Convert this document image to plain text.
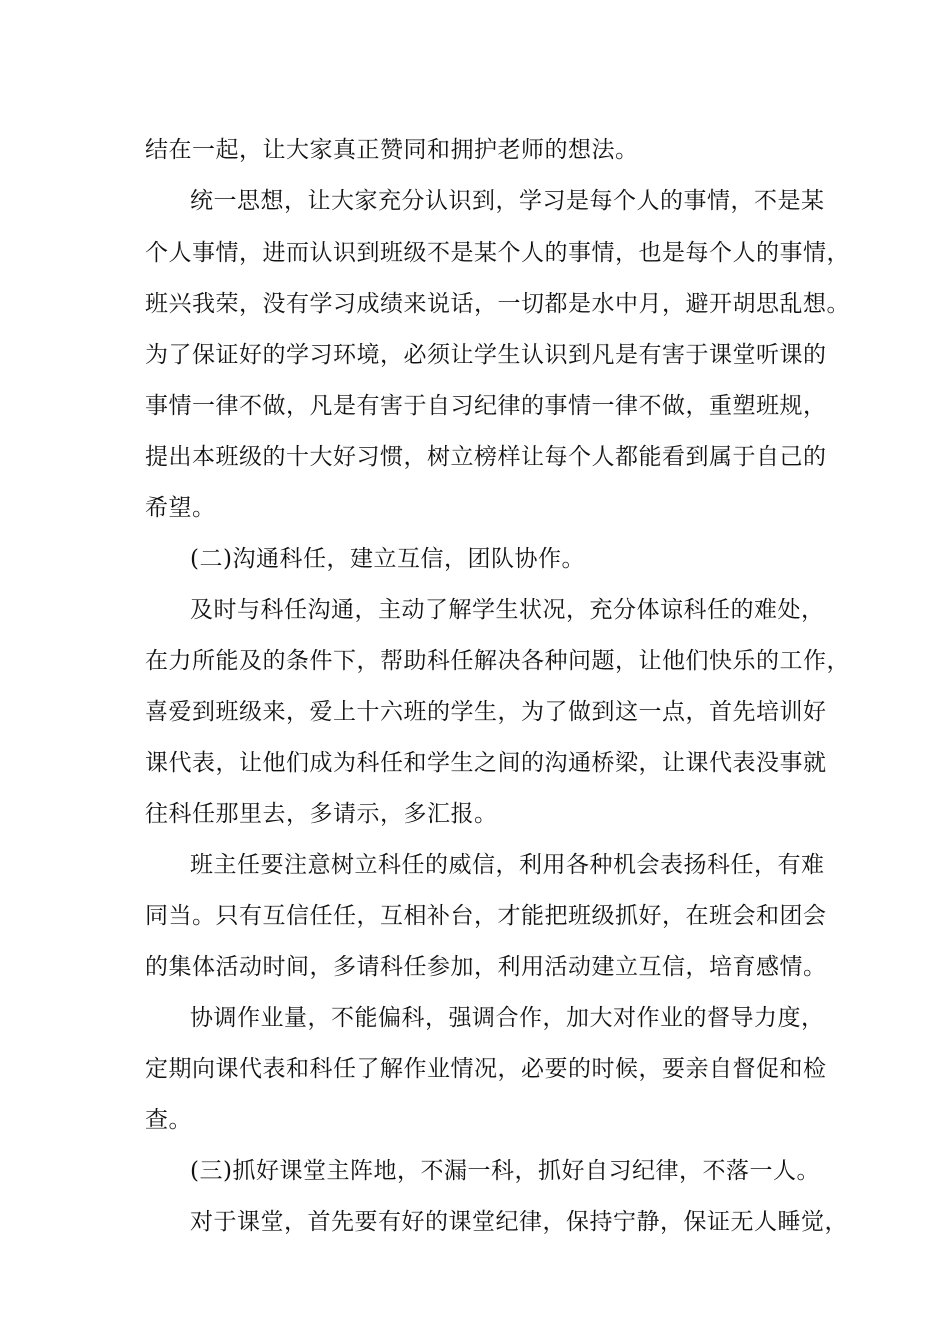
结在一起，让大家真正赞同和拥护老师的想法。
统一思想，让大家充分认识到，学习是每个人的事情，不是某
个人事情，进而认识到班级不是某个人的事情，也是每个人的事情，
班兴我荣，没有学习成绩来说话，一切都是水中月，避开胡思乱想。
为了保证好的学习环境，必须让学生认识到凡是有害于课堂听课的
事情一律不做，凡是有害于自习纪律的事情一律不做，重塑班规，
提出本班级的十大好习惯，树立榜样让每个人都能看到属于自己的
希望。
(二)沟通科任，建立互信，团队协作。
及时与科任沟通，主动了解学生状况，充分体谅科任的难处，
在力所能及的条件下，帮助科任解决各种问题，让他们快乐的工作，
喜爱到班级来，爱上十六班的学生，为了做到这一点，首先培训好
课代表，让他们成为科任和学生之间的沟通桥梁，让课代表没事就
往科任那里去，多请示，多汇报。
班主任要注意树立科任的威信，利用各种机会表扬科任，有难
同当。只有互信任任，互相补台，才能把班级抓好，在班会和团会
的集体活动时间，多请科任参加，利用活动建立互信，培育感情。
协调作业量，不能偏科，强调合作，加大对作业的督导力度，
定期向课代表和科任了解作业情况，必要的时候，要亲自督促和检
查。
(三)抓好课堂主阵地，不漏一科，抓好自习纪律，不落一人。
对于课堂，首先要有好的课堂纪律，保持宁静，保证无人睡觉，
